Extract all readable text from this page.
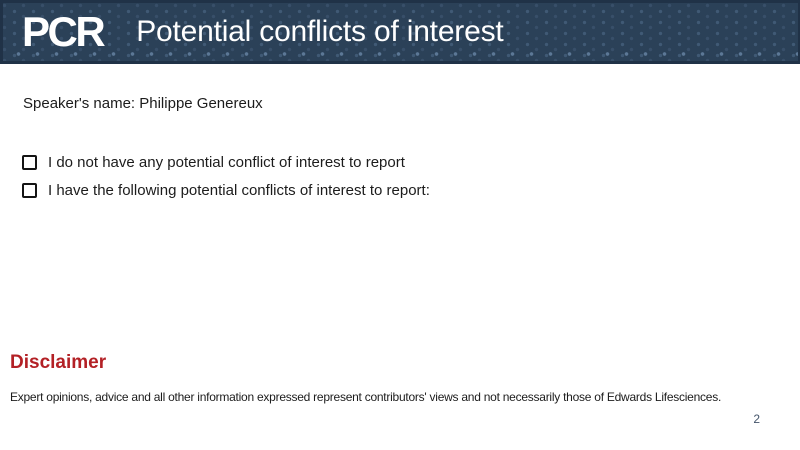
PCR Potential conflicts of interest

Speaker's name: Philippe Genereux

I do not have any potential conflict of interest to report
I have the following potential conflicts of interest to report:
Disclaimer

Expert opinions, advice and all other information expressed represent contributors' views and not necessarily those of Edwards Lifesciences.

2
